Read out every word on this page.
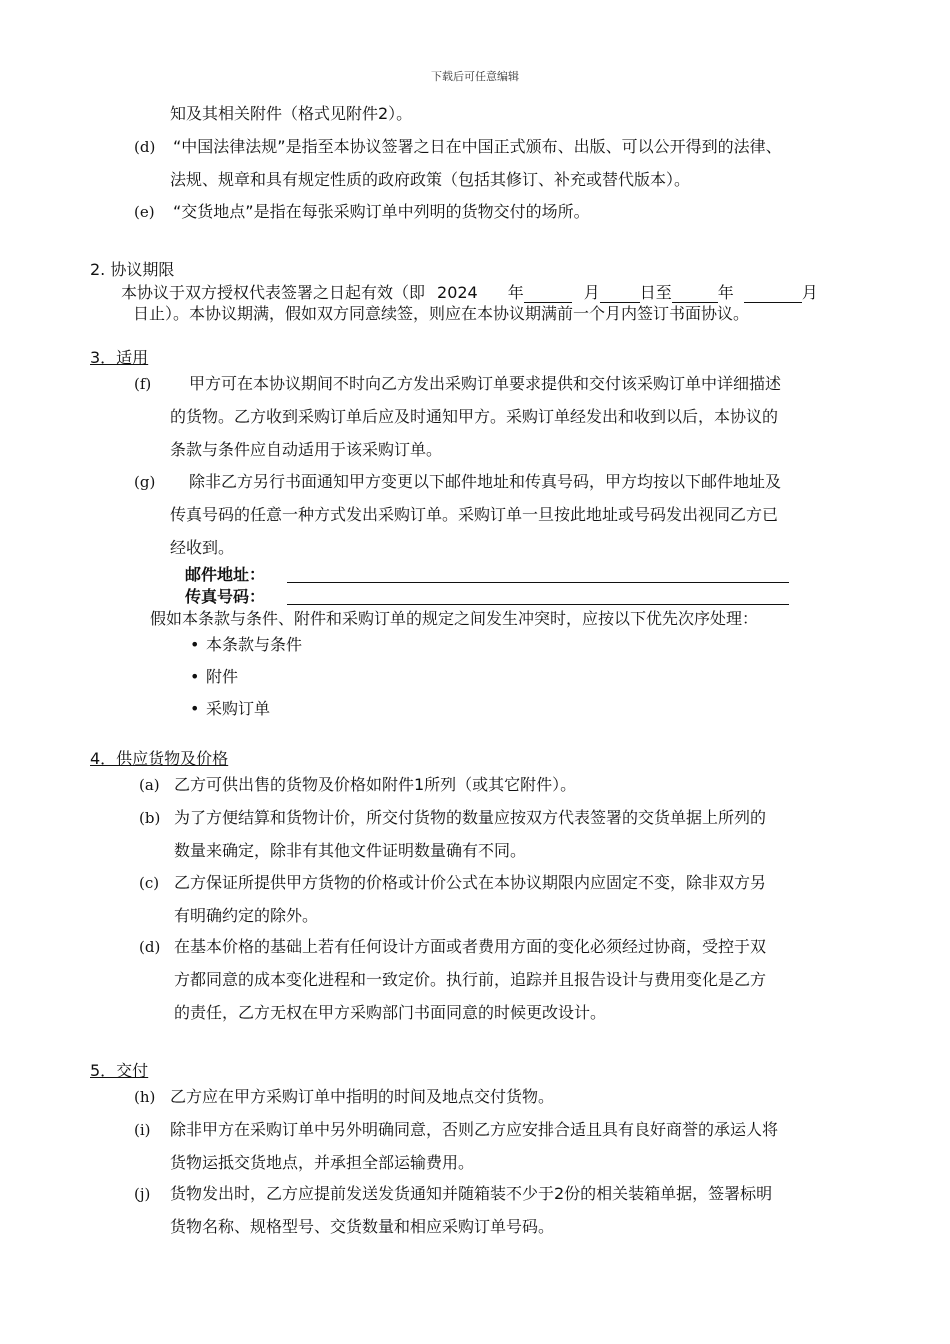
下载后可任意编辑
知及其相关附件（格式见附件2）。
(d) “中国法律法规”是指至本协议签署之日在中国正式颁布、出版、可以公开得到的法律、
法规、规章和具有规定性质的政府政策（包括其修订、补充或替代版本）。
(e) “交货地点”是指在每张采购订单中列明的货物交付的场所。
2. 协议期限
本协议于双方授权代表签署之日起有效（即 2024 年	月	日至	年	月
日止）。本协议期满，假如双方同意续签，则应在本协议期满前一个月内签订书面协议。
3．适用
(f) 甲方可在本协议期间不时向乙方发出采购订单要求提供和交付该采购订单中详细描述
的货物。乙方收到采购订单后应及时通知甲方。采购订单经发出和收到以后，本协议的
条款与条件应自动适用于该采购订单。
(g) 除非乙方另行书面通知甲方变更以下邮件地址和传真号码，甲方均按以下邮件地址及
传真号码的任意一种方式发出采购订单。采购订单一旦按此地址或号码发出视同乙方已
经收到。
邮件地址：
传真号码：
假如本条款与条件、附件和采购订单的规定之间发生冲突时，应按以下优先次序处理：
• 本条款与条件
• 附件
• 采购订单
4．供应货物及价格
(a) 乙方可供出售的货物及价格如附件1所列（或其它附件）。
(b) 为了方便结算和货物计价，所交付货物的数量应按双方代表签署的交货单据上所列的
数量来确定，除非有其他文件证明数量确有不同。
(c) 乙方保证所提供甲方货物的价格或计价公式在本协议期限内应固定不变，除非双方另
有明确约定的除外。
(d) 在基本价格的基础上若有任何设计方面或者费用方面的变化必须经过协商，受控于双
方都同意的成本变化进程和一致定价。执行前，追踪并且报告设计与费用变化是乙方
的责任，乙方无权在甲方采购部门书面同意的时候更改设计。
5．交付
(h) 乙方应在甲方采购订单中指明的时间及地点交付货物。
(i) 除非甲方在采购订单中另外明确同意，否则乙方应安排合适且具有良好商誉的承运人将
货物运抵交货地点，并承担全部运输费用。
(j) 货物发出时，乙方应提前发送发货通知并随箱装不少于2份的相关装箱单据，签署标明
货物名称、规格型号、交货数量和相应采购订单号码。
